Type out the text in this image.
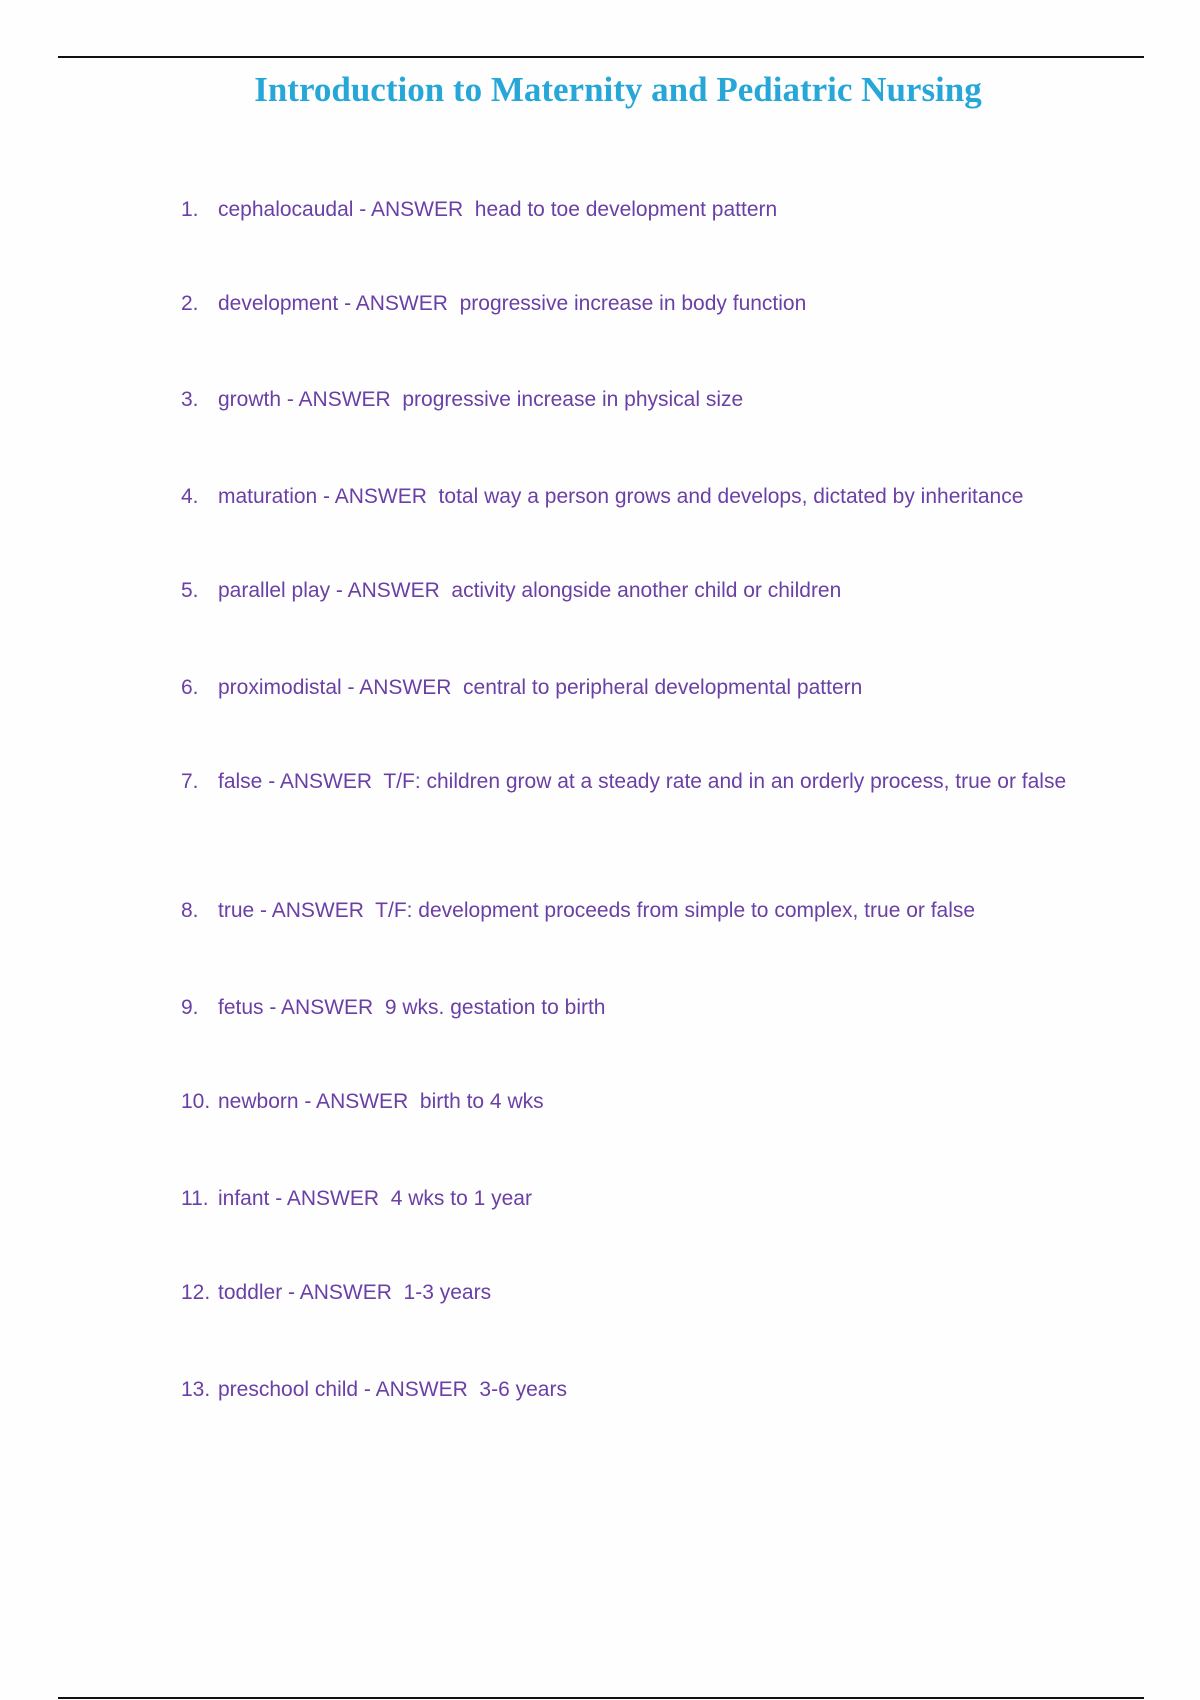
Introduction to Maternity and Pediatric Nursing
1. cephalocaudal - ANSWER  head to toe development pattern
2. development - ANSWER  progressive increase in body function
3. growth - ANSWER  progressive increase in physical size
4. maturation - ANSWER  total way a person grows and develops, dictated by inheritance
5. parallel play - ANSWER  activity alongside another child or children
6. proximodistal - ANSWER  central to peripheral developmental pattern
7. false - ANSWER  T/F: children grow at a steady rate and in an orderly process, true or false
8. true - ANSWER  T/F: development proceeds from simple to complex, true or false
9. fetus - ANSWER  9 wks. gestation to birth
10. newborn - ANSWER  birth to 4 wks
11. infant - ANSWER  4 wks to 1 year
12. toddler - ANSWER  1-3 years
13. preschool child - ANSWER  3-6 years
